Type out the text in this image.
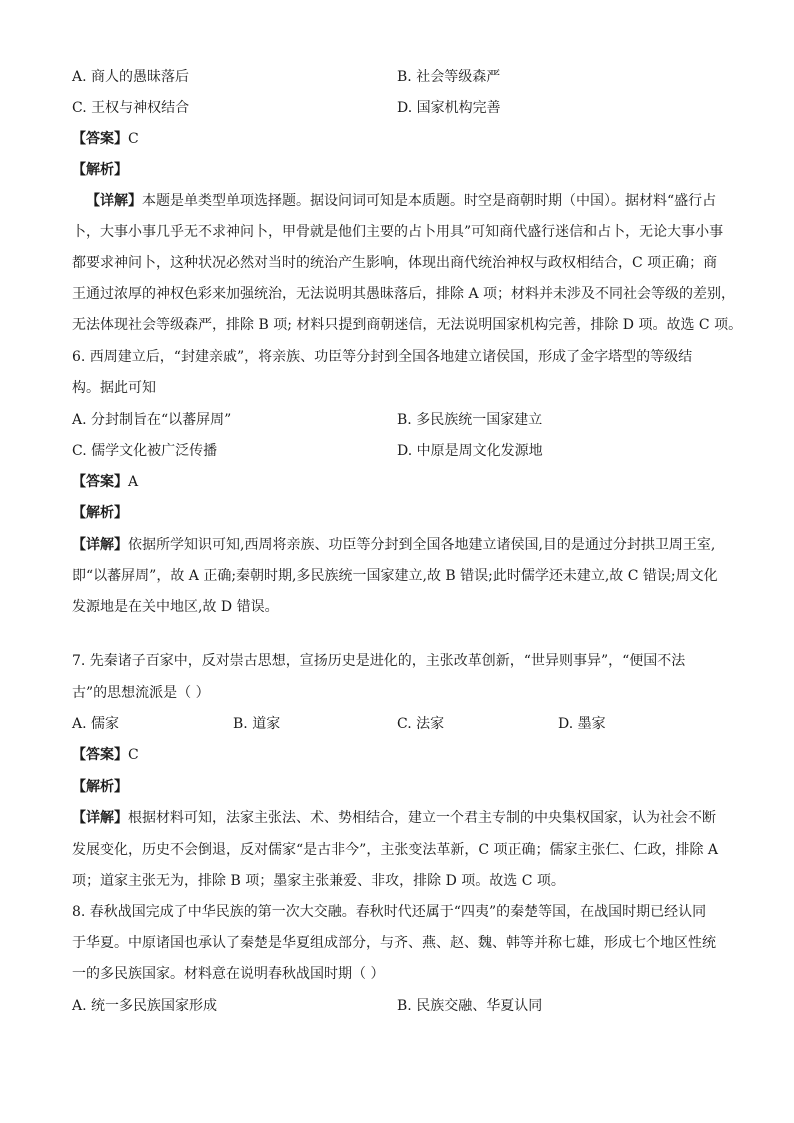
A. 商人的愚昧落后	B. 社会等级森严
C. 王权与神权结合	D. 国家机构完善
【答案】C
【解析】
【详解】本题是单类型单项选择题。据设问词可知是本质题。时空是商朝时期（中国）。据材料“盛行占
卜，大事小事几乎无不求神问卜，甲骨就是他们主要的占卜用具”可知商代盛行迷信和占卜，无论大事小事
都要求神问卜，这种状况必然对当时的统治产生影响，体现出商代统治神权与政权相结合，C 项正确；商
王通过浓厚的神权色彩来加强统治，无法说明其愚昧落后，排除 A 项；材料并未涉及不同社会等级的差别，
无法体现社会等级森严，排除 B 项; 材料只提到商朝迷信，无法说明国家机构完善，排除 D 项。故选 C 项。
6. 西周建立后，“封建亲戚”，将亲族、功臣等分封到全国各地建立诸侯国，形成了金字塔型的等级结
构。据此可知
A. 分封制旨在“以蕃屏周”	B. 多民族统一国家建立
C. 儒学文化被广泛传播	D. 中原是周文化发源地
【答案】A
【解析】
【详解】依据所学知识可知,西周将亲族、功臣等分封到全国各地建立诸侯国,目的是通过分封拱卫周王室,
即“以蕃屏周”，故 A 正确;秦朝时期,多民族统一国家建立,故 B 错误;此时儒学还未建立,故 C 错误;周文化
发源地是在关中地区,故 D 错误。
7. 先秦诸子百家中，反对崇古思想，宣扬历史是进化的，主张改革创新，“世异则事异”，“便国不法
古”的思想流派是（ ）
A. 儒家	B. 道家	C. 法家	D. 墨家
【答案】C
【解析】
【详解】根据材料可知，法家主张法、术、势相结合，建立一个君主专制的中央集权国家，认为社会不断
发展变化，历史不会倒退，反对儒家“是古非今”，主张变法革新，C 项正确；儒家主张仁、仁政，排除 A
项；道家主张无为，排除 B 项；墨家主张兼爱、非攻，排除 D 项。故选 C 项。
8. 春秋战国完成了中华民族的第一次大交融。春秋时代还属于“四夷”的秦楚等国，在战国时期已经认同
于华夏。中原诸国也承认了秦楚是华夏组成部分，与齐、燕、赵、魏、韩等并称七雄，形成七个地区性统
一的多民族国家。材料意在说明春秋战国时期（ ）
A. 统一多民族国家形成	B. 民族交融、华夏认同
